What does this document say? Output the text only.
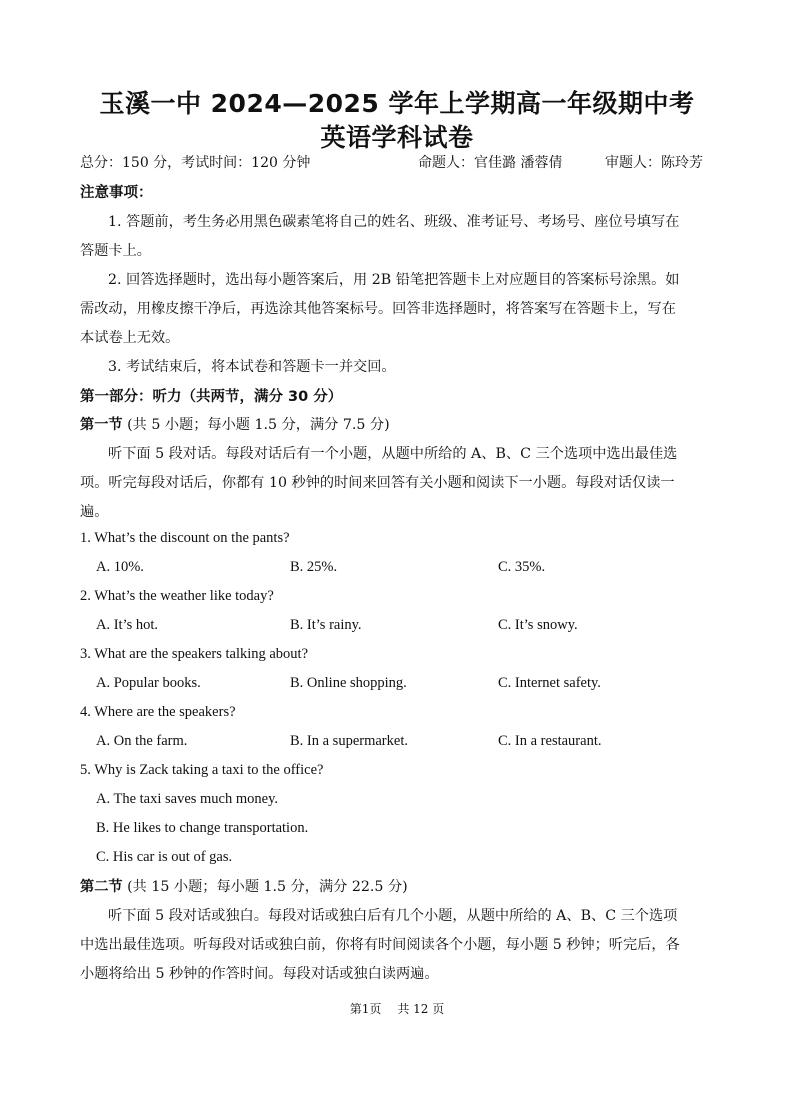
玉溪一中 2024—2025 学年上学期高一年级期中考
英语学科试卷
总分：150 分，考试时间：120 分钟	命题人：官佳潞 潘蓉倩	审题人：陈玲芳
注意事项：
1. 答题前，考生务必用黑色碳素笔将自己的姓名、班级、准考证号、考场号、座位号填写在
答题卡上。
2. 回答选择题时，选出每小题答案后，用 2B 铅笔把答题卡上对应题目的答案标号涂黑。如
需改动，用橡皮擦干净后，再选涂其他答案标号。回答非选择题时，将答案写在答题卡上，写在
本试卷上无效。
3. 考试结束后，将本试卷和答题卡一并交回。
第一部分：听力（共两节，满分 30 分）
第一节 (共 5 小题；每小题 1.5 分，满分 7.5 分)
听下面 5 段对话。每段对话后有一个小题，从题中所给的 A、B、C 三个选项中选出最佳选
项。听完每段对话后，你都有 10 秒钟的时间来回答有关小题和阅读下一小题。每段对话仅读一
遍。
1. What’s the discount on the pants?
A. 10%.	B. 25%.	C. 35%.
2. What’s the weather like today?
A. It’s hot.	B. It’s rainy.	C. It’s snowy.
3. What are the speakers talking about?
A. Popular books.	B. Online shopping.	C. Internet safety.
4. Where are the speakers?
A. On the farm.	B. In a supermarket.	C. In a restaurant.
5. Why is Zack taking a taxi to the office?
A. The taxi saves much money.
B. He likes to change transportation.
C. His car is out of gas.
第二节 (共 15 小题；每小题 1.5 分，满分 22.5 分)
听下面 5 段对话或独白。每段对话或独白后有几个小题，从题中所给的 A、B、C 三个选项
中选出最佳选项。听每段对话或独白前，你将有时间阅读各个小题，每小题 5 秒钟；听完后，各
小题将给出 5 秒钟的作答时间。每段对话或独白读两遍。
第1页 共 12 页
